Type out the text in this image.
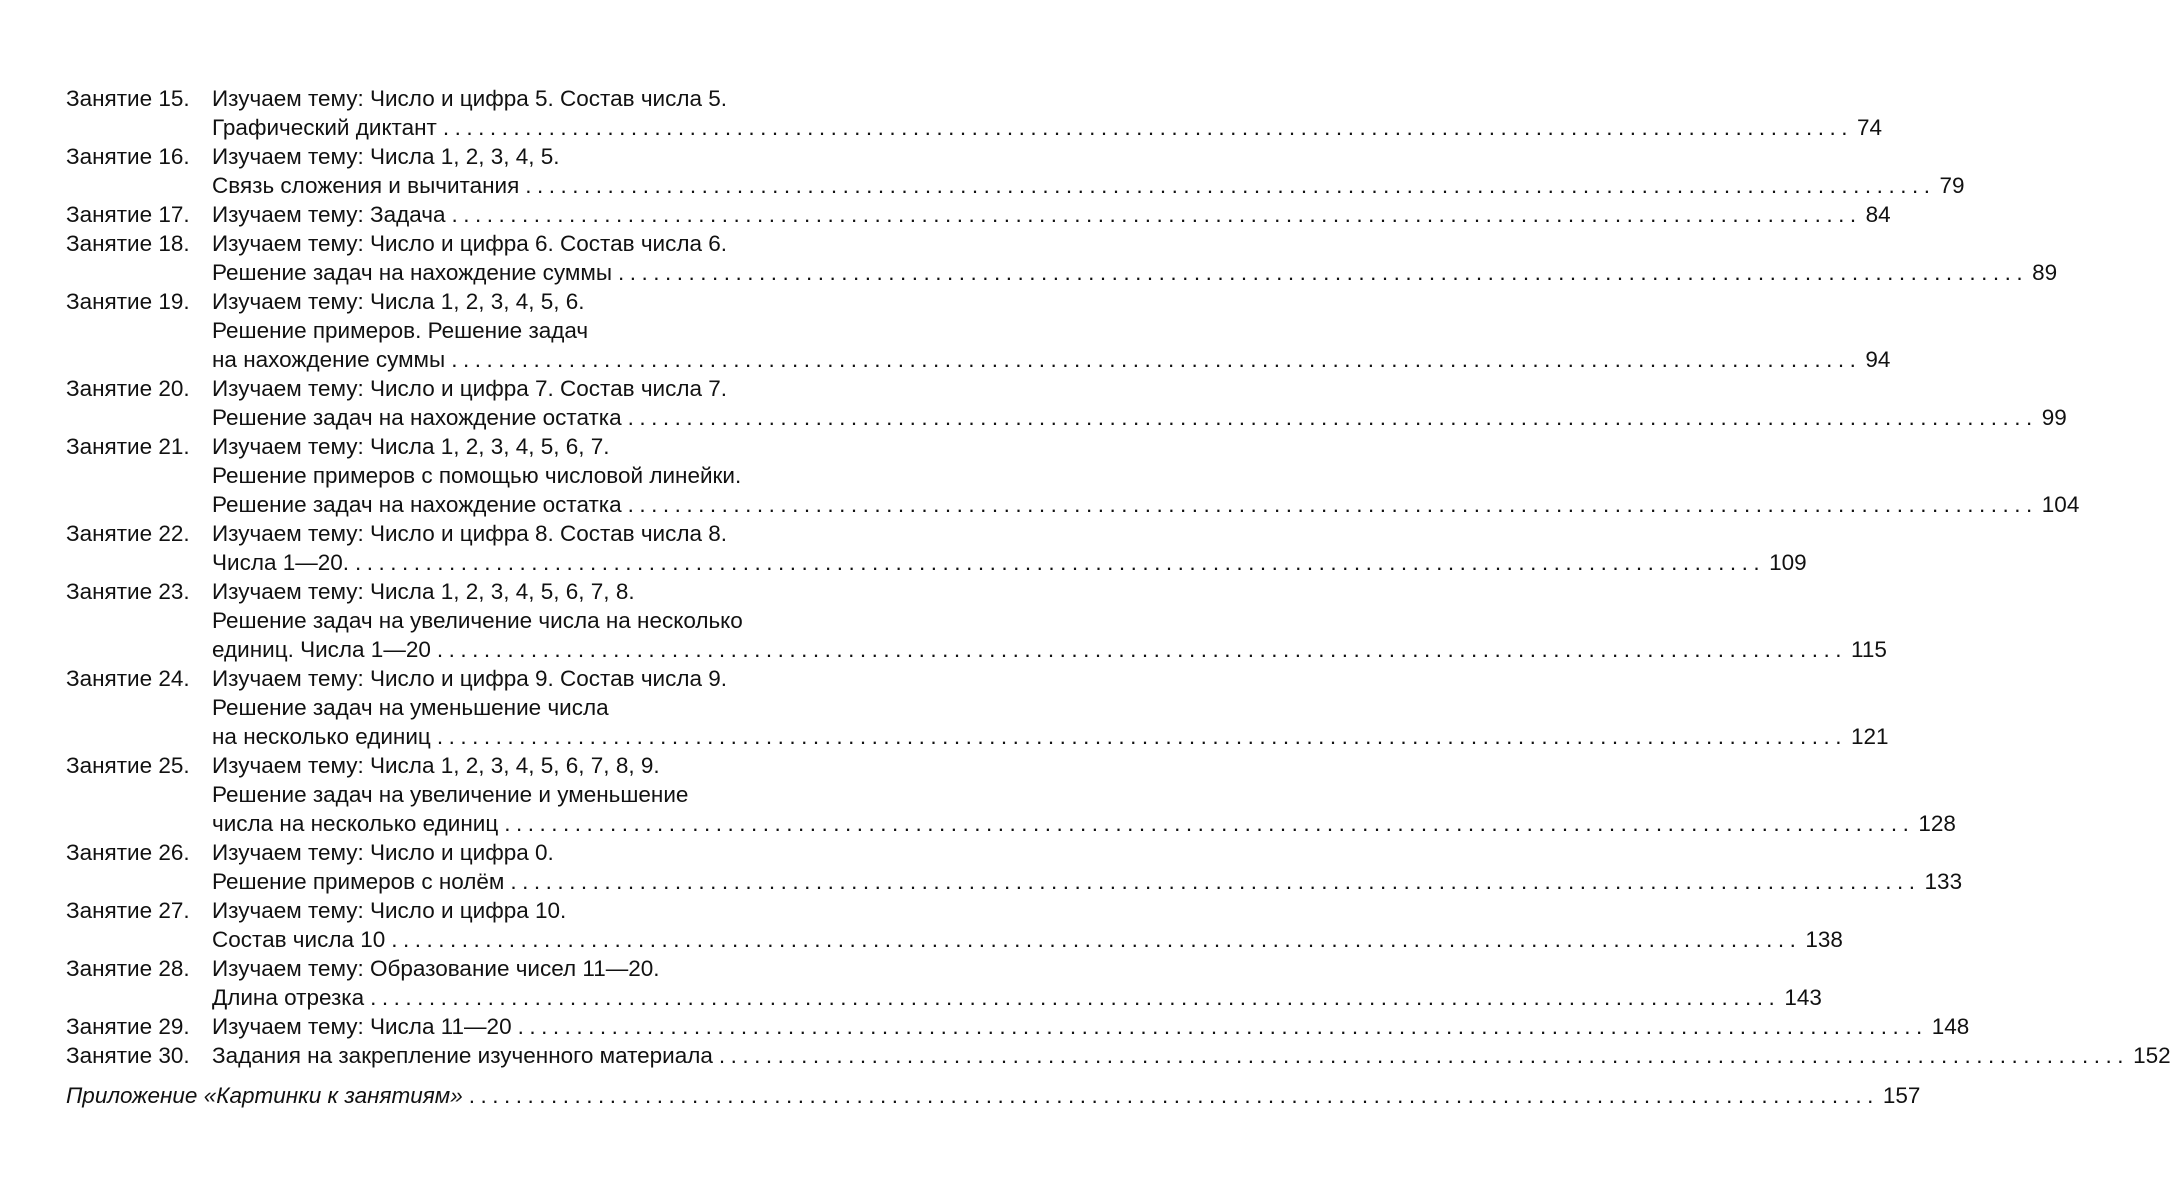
Занятие 15. Изучаем тему: Число и цифра 5. Состав числа 5.
Графический диктант ........................................................................................................................ 74
Занятие 16. Изучаем тему: Числа 1, 2, 3, 4, 5.
Связь сложения и вычитания ........................................................................................................................ 79
Занятие 17. Изучаем тему: Задача ........................................................................................................................ 84
Занятие 18. Изучаем тему: Число и цифра 6. Состав числа 6.
Решение задач на нахождение суммы ........................................................................................................................ 89
Занятие 19. Изучаем тему: Числа 1, 2, 3, 4, 5, 6.
Решение примеров. Решение задач
на нахождение суммы ........................................................................................................................ 94
Занятие 20. Изучаем тему: Число и цифра 7. Состав числа 7.
Решение задач на нахождение остатка ........................................................................................................................ 99
Занятие 21. Изучаем тему: Числа 1, 2, 3, 4, 5, 6, 7.
Решение примеров с помощью числовой линейки.
Решение задач на нахождение остатка ........................................................................................................................ 104
Занятие 22. Изучаем тему: Число и цифра 8. Состав числа 8.
Числа 1—20. ........................................................................................................................ 109
Занятие 23. Изучаем тему: Числа 1, 2, 3, 4, 5, 6, 7, 8.
Решение задач на увеличение числа на несколько
единиц. Числа 1—20 ........................................................................................................................ 115
Занятие 24. Изучаем тему: Число и цифра 9. Состав числа 9.
Решение задач на уменьшение числа
на несколько единиц ........................................................................................................................ 121
Занятие 25. Изучаем тему: Числа 1, 2, 3, 4, 5, 6, 7, 8, 9.
Решение задач на увеличение и уменьшение
числа на несколько единиц ........................................................................................................................ 128
Занятие 26. Изучаем тему: Число и цифра 0.
Решение примеров с нолём ........................................................................................................................ 133
Занятие 27. Изучаем тему: Число и цифра 10.
Состав числа 10 ........................................................................................................................ 138
Занятие 28. Изучаем тему: Образование чисел 11—20.
Длина отрезка ........................................................................................................................ 143
Занятие 29. Изучаем тему: Числа 11—20 ........................................................................................................................ 148
Занятие 30. Задания на закрепление изученного материала ........................................................................................................................ 152
Приложение «Картинки к занятиям» ........................................................................................................................ 157
